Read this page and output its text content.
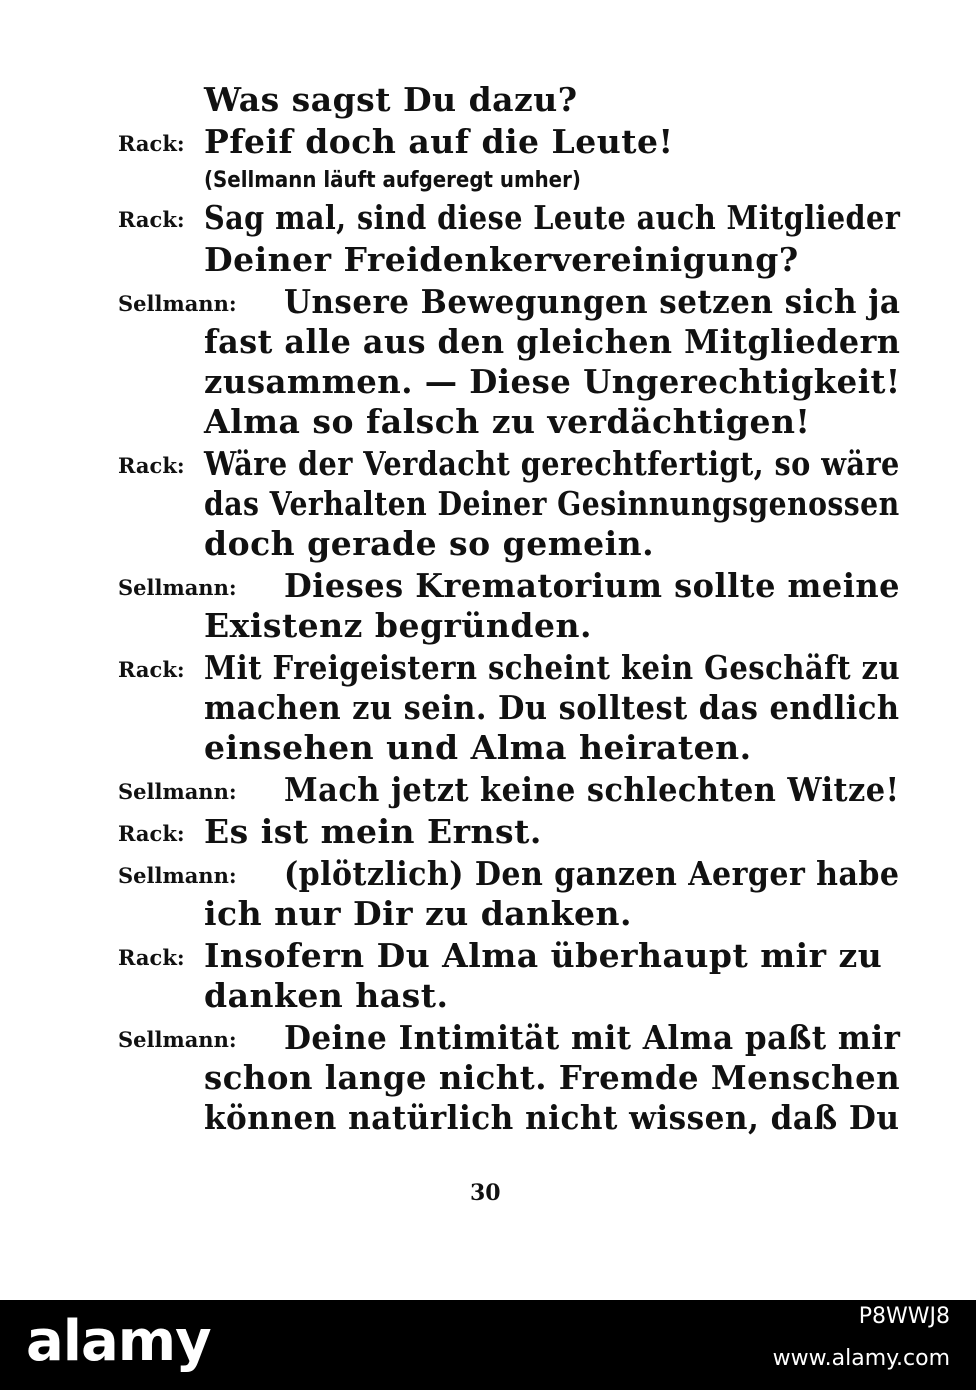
Was sagst Du dazu?
Rack: Pfeif doch auf die Leute!
(Sellmann läuft aufgeregt umher)
Rack: Sag mal, sind diese Leute auch Mitglieder
Deiner Freidenkervereinigung?
Sellmann: Unsere Bewegungen setzen sich ja
fast alle aus den gleichen Mitgliedern
zusammen. — Diese Ungerechtigkeit!
Alma so falsch zu verdächtigen!
Rack: Wäre der Verdacht gerechtfertigt, so wäre
das Verhalten Deiner Gesinnungsgenossen
doch gerade so gemein.
Sellmann: Dieses Krematorium sollte meine
Existenz begründen.
Rack: Mit Freigeistern scheint kein Geschäft zu
machen zu sein. Du solltest das endlich
einsehen und Alma heiraten.
Sellmann: Mach jetzt keine schlechten Witze!
Rack: Es ist mein Ernst.
Sellmann: (plötzlich) Den ganzen Aerger habe
ich nur Dir zu danken.
Rack: Insofern Du Alma überhaupt mir zu
danken hast.
Sellmann: Deine Intimität mit Alma paßt mir
schon lange nicht. Fremde Menschen
können natürlich nicht wissen, daß Du
30
alamy	P8WWJ8
www.alamy.com
